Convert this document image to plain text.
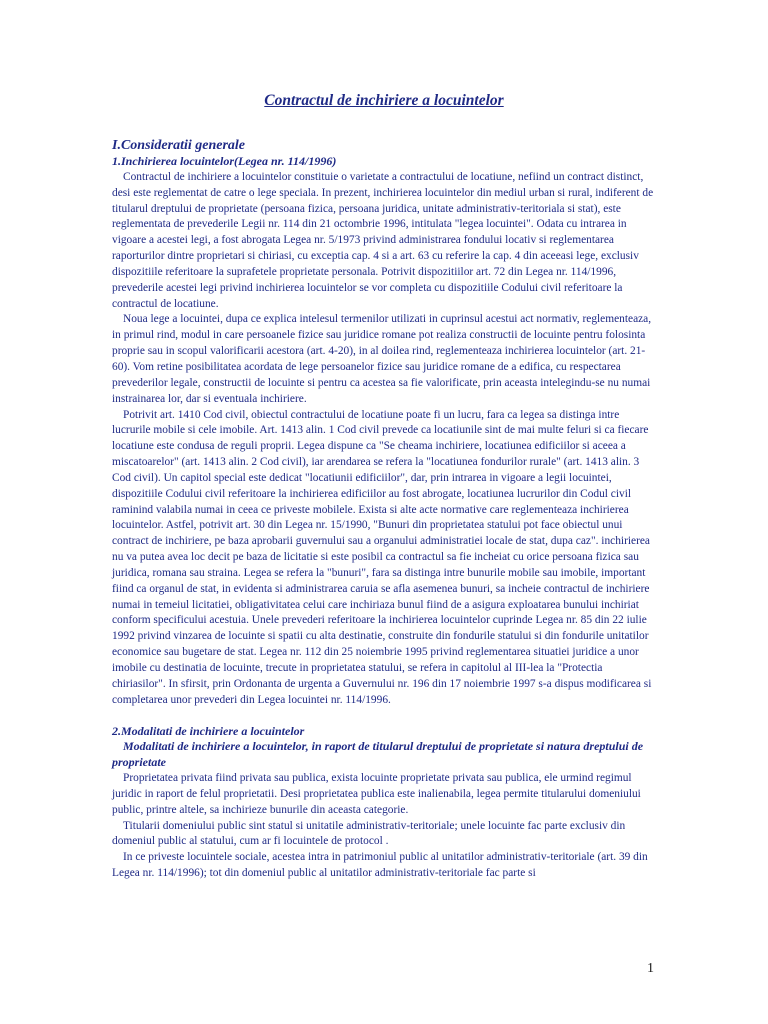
Contractul de inchiriere a locuintelor
I.Consideratii generale
1.Inchirierea locuintelor(Legea nr. 114/1996)

Contractul de inchiriere a locuintelor constituie o varietate a contractului de locatiune, nefiind un contract distinct, desi este reglementat de catre o lege speciala. In prezent, inchirierea locuintelor din mediul urban si rural, indiferent de titularul dreptului de proprietate (persoana fizica, persoana juridica, unitate administrativ-teritoriala si stat), este reglementata de prevederile Legii nr. 114 din 21 octombrie 1996, intitulata "legea locuintei". Odata cu intrarea in vigoare a acestei legi, a fost abrogata Legea nr. 5/1973 privind administrarea fondului locativ si reglementarea raporturilor dintre proprietari si chiriasi, cu exceptia cap. 4 si a art. 63 cu referire la cap. 4 din aceeasi lege, exclusiv dispozitiile referitoare la suprafetele proprietate personala. Potrivit dispozitiilor art. 72 din Legea nr. 114/1996, prevederile acestei legi privind inchirierea locuintelor se vor completa cu dispozitiile Codului civil referitoare la contractul de locatiune.

Noua lege a locuintei, dupa ce explica intelesul termenilor utilizati in cuprinsul acestui act normativ, reglementeaza, in primul rind, modul in care persoanele fizice sau juridice romane pot realiza constructii de locuinte pentru folosinta proprie sau in scopul valorificarii acestora (art. 4-20), in al doilea rind, reglementeaza inchirierea locuintelor (art. 21-60). Vom retine posibilitatea acordata de lege persoanelor fizice sau juridice romane de a edifica, cu respectarea prevederilor legale, constructii de locuinte si pentru ca acestea sa fie valorificate, prin aceasta intelegindu-se nu numai instrainarea lor, dar si eventuala inchiriere.

Potrivit art. 1410 Cod civil, obiectul contractului de locatiune poate fi un lucru, fara ca legea sa distinga intre lucrurile mobile si cele imobile. Art. 1413 alin. 1 Cod civil prevede ca locatiunile sint de mai multe feluri si ca fiecare locatiune este condusa de reguli proprii. Legea dispune ca "Se cheama inchiriere, locatiunea edificiilor si aceea a miscatoarelor" (art. 1413 alin. 2 Cod civil), iar arendarea se refera la "locatiunea fondurilor rurale" (art. 1413 alin. 3 Cod civil). Un capitol special este dedicat "locatiunii edificiilor", dar, prin intrarea in vigoare a legii locuintei, dispozitiile Codului civil referitoare la inchirierea edificiilor au fost abrogate, locatiunea lucrurilor din Codul civil raminind valabila numai in ceea ce priveste mobilele. Exista si alte acte normative care reglementeaza inchirierea locuintelor. Astfel, potrivit art. 30 din Legea nr. 15/1990, "Bunuri din proprietatea statului pot face obiectul unui contract de inchiriere, pe baza aprobarii guvernului sau a organului administratiei locale de stat, dupa caz". inchirierea nu va putea avea loc decit pe baza de licitatie si este posibil ca contractul sa fie incheiat cu orice persoana fizica sau juridica, romana sau straina. Legea se refera la "bunuri", fara sa distinga intre bunurile mobile sau imobile, important fiind ca organul de stat, in evidenta si administrarea caruia se afla asemenea bunuri, sa incheie contractul de inchiriere numai in temeiul licitatiei, obligativitatea celui care inchiriaza bunul fiind de a asigura exploatarea bunului inchiriat conform specificului acestuia. Unele prevederi referitoare la inchirierea locuintelor cuprinde Legea nr. 85 din 22 iulie 1992 privind vinzarea de locuinte si spatii cu alta destinatie, construite din fondurile statului si din fondurile unitatilor economice sau bugetare de stat. Legea nr. 112 din 25 noiembrie 1995 privind reglementarea situatiei juridice a unor imobile cu destinatia de locuinte, trecute in proprietatea statului, se refera in capitolul al III-lea la "Protectia chiriasilor". In sfirsit, prin Ordonanta de urgenta a Guvernului nr. 196 din 17 noiembrie 1997 s-a dispus modificarea si completarea unor prevederi din Legea locuintei nr. 114/1996.

2.Modalitati de inchiriere a locuintelor
Modalitati de inchiriere a locuintelor, in raport de titularul dreptului de proprietate si natura dreptului de proprietate

Proprietatea privata fiind privata sau publica, exista locuinte proprietate privata sau publica, ele urmind regimul juridic in raport de felul proprietatii. Desi proprietatea publica este inalienabila, legea permite titularului domeniului public, printre altele, sa inchirieze bunurile din aceasta categorie.

Titularii domeniului public sint statul si unitatile administrativ-teritoriale; unele locuinte fac parte exclusiv din domeniul public al statului, cum ar fi locuintele de protocol .

In ce priveste locuintele sociale, acestea intra in patrimoniul public al unitatilor administrativ-teritoriale (art. 39 din Legea nr. 114/1996); tot din domeniul public al unitatilor administrativ-teritoriale fac parte si

1
